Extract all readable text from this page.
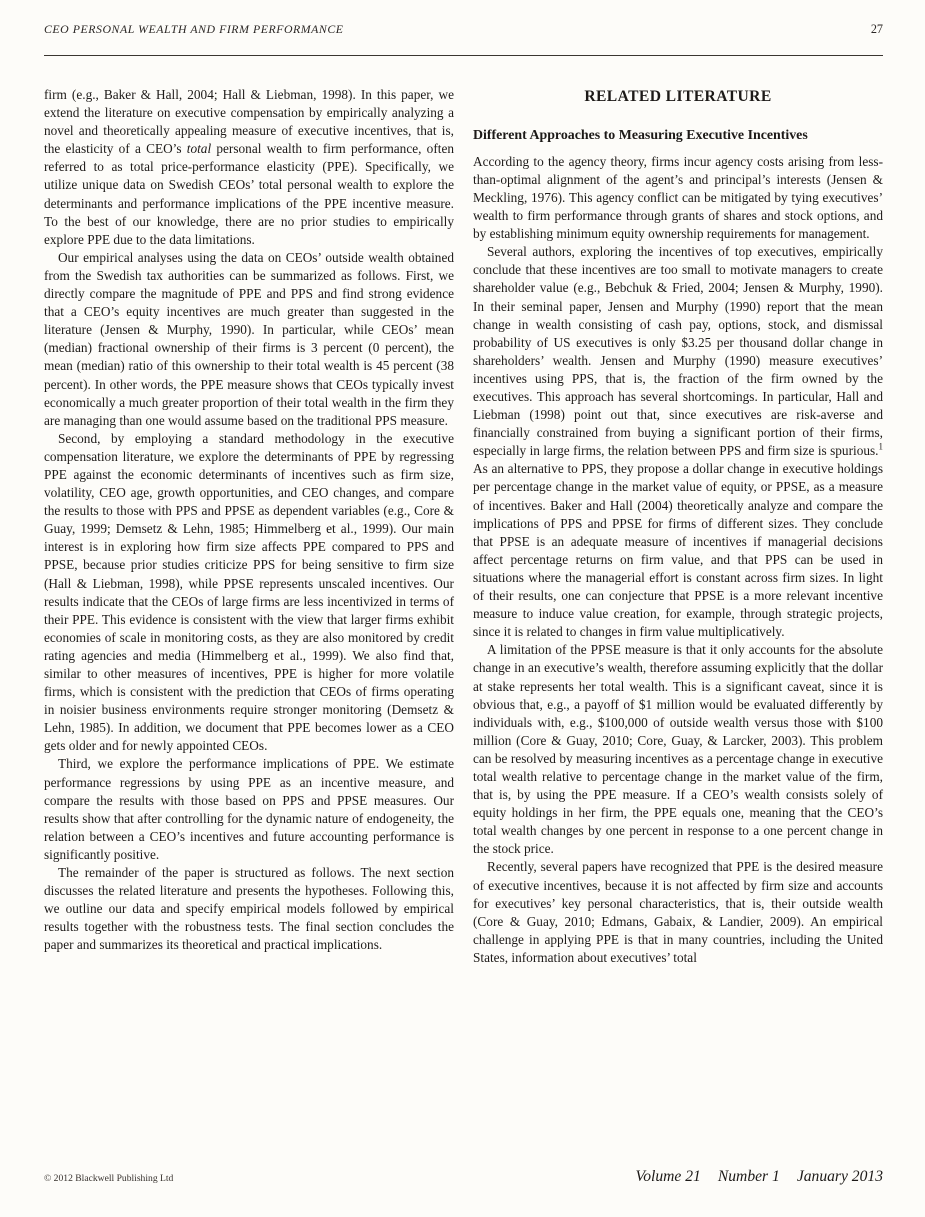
CEO PERSONAL WEALTH AND FIRM PERFORMANCE	27

firm (e.g., Baker & Hall, 2004; Hall & Liebman, 1998). In this paper, we extend the literature on executive compensation by empirically analyzing a novel and theoretically appealing measure of executive incentives, that is, the elasticity of a CEO’s total personal wealth to firm performance, often referred to as total price-performance elasticity (PPE). Specifically, we utilize unique data on Swedish CEOs’ total personal wealth to explore the determinants and performance implications of the PPE incentive measure. To the best of our knowledge, there are no prior studies to empirically explore PPE due to the data limitations.

Our empirical analyses using the data on CEOs’ outside wealth obtained from the Swedish tax authorities can be summarized as follows. First, we directly compare the magnitude of PPE and PPS and find strong evidence that a CEO’s equity incentives are much greater than suggested in the literature (Jensen & Murphy, 1990). In particular, while CEOs’ mean (median) fractional ownership of their firms is 3 percent (0 percent), the mean (median) ratio of this ownership to their total wealth is 45 percent (38 percent). In other words, the PPE measure shows that CEOs typically invest economically a much greater proportion of their total wealth in the firm they are managing than one would assume based on the traditional PPS measure.

Second, by employing a standard methodology in the executive compensation literature, we explore the determinants of PPE by regressing PPE against the economic determinants of incentives such as firm size, volatility, CEO age, growth opportunities, and CEO changes, and compare the results to those with PPS and PPSE as dependent variables (e.g., Core & Guay, 1999; Demsetz & Lehn, 1985; Himmelberg et al., 1999). Our main interest is in exploring how firm size affects PPE compared to PPS and PPSE, because prior studies criticize PPS for being sensitive to firm size (Hall & Liebman, 1998), while PPSE represents unscaled incentives. Our results indicate that the CEOs of large firms are less incentivized in terms of their PPE. This evidence is consistent with the view that larger firms exhibit economies of scale in monitoring costs, as they are also monitored by credit rating agencies and media (Himmelberg et al., 1999). We also find that, similar to other measures of incentives, PPE is higher for more volatile firms, which is consistent with the prediction that CEOs of firms operating in noisier business environments require stronger monitoring (Demsetz & Lehn, 1985). In addition, we document that PPE becomes lower as a CEO gets older and for newly appointed CEOs.

Third, we explore the performance implications of PPE. We estimate performance regressions by using PPE as an incentive measure, and compare the results with those based on PPS and PPSE measures. Our results show that after controlling for the dynamic nature of endogeneity, the relation between a CEO’s incentives and future accounting performance is significantly positive.

The remainder of the paper is structured as follows. The next section discusses the related literature and presents the hypotheses. Following this, we outline our data and specify empirical models followed by empirical results together with the robustness tests. The final section concludes the paper and summarizes its theoretical and practical implications.

RELATED LITERATURE
Different Approaches to Measuring Executive Incentives

According to the agency theory, firms incur agency costs arising from less-than-optimal alignment of the agent’s and principal’s interests (Jensen & Meckling, 1976). This agency conflict can be mitigated by tying executives’ wealth to firm performance through grants of shares and stock options, and by establishing minimum equity ownership requirements for management.

Several authors, exploring the incentives of top executives, empirically conclude that these incentives are too small to motivate managers to create shareholder value (e.g., Bebchuk & Fried, 2004; Jensen & Murphy, 1990). In their seminal paper, Jensen and Murphy (1990) report that the mean change in wealth consisting of cash pay, options, stock, and dismissal probability of US executives is only $3.25 per thousand dollar change in shareholders’ wealth. Jensen and Murphy (1990) measure executives’ incentives using PPS, that is, the fraction of the firm owned by the executives. This approach has several shortcomings. In particular, Hall and Liebman (1998) point out that, since executives are risk-averse and financially constrained from buying a significant portion of their firms, especially in large firms, the relation between PPS and firm size is spurious.$^1$ As an alternative to PPS, they propose a dollar change in executive holdings per percentage change in the market value of equity, or PPSE, as a measure of incentives. Baker and Hall (2004) theoretically analyze and compare the implications of PPS and PPSE for firms of different sizes. They conclude that PPSE is an adequate measure of incentives if managerial decisions affect percentage returns on firm value, and that PPS can be used in situations where the managerial effort is constant across firm sizes. In light of their results, one can conjecture that PPSE is a more relevant incentive measure to induce value creation, for example, through strategic projects, since it is related to changes in firm value multiplicatively.

A limitation of the PPSE measure is that it only accounts for the absolute change in an executive’s wealth, therefore assuming explicitly that the dollar at stake represents her total wealth. This is a significant caveat, since it is obvious that, e.g., a payoff of $1 million would be evaluated differently by individuals with, e.g., $100,000 of outside wealth versus those with $100 million (Core & Guay, 2010; Core, Guay, & Larcker, 2003). This problem can be resolved by measuring incentives as a percentage change in executive total wealth relative to percentage change in the market value of the firm, that is, by using the PPE measure. If a CEO’s wealth consists solely of equity holdings in her firm, the PPE equals one, meaning that the CEO’s total wealth changes by one percent in response to a one percent change in the stock price.

Recently, several papers have recognized that PPE is the desired measure of executive incentives, because it is not affected by firm size and accounts for executives’ key personal characteristics, that is, their outside wealth (Core & Guay, 2010; Edmans, Gabaix, & Landier, 2009). An empirical challenge in applying PPE is that in many countries, including the United States, information about executives’ total

© 2012 Blackwell Publishing Ltd	Volume 21 Number 1 January 2013
